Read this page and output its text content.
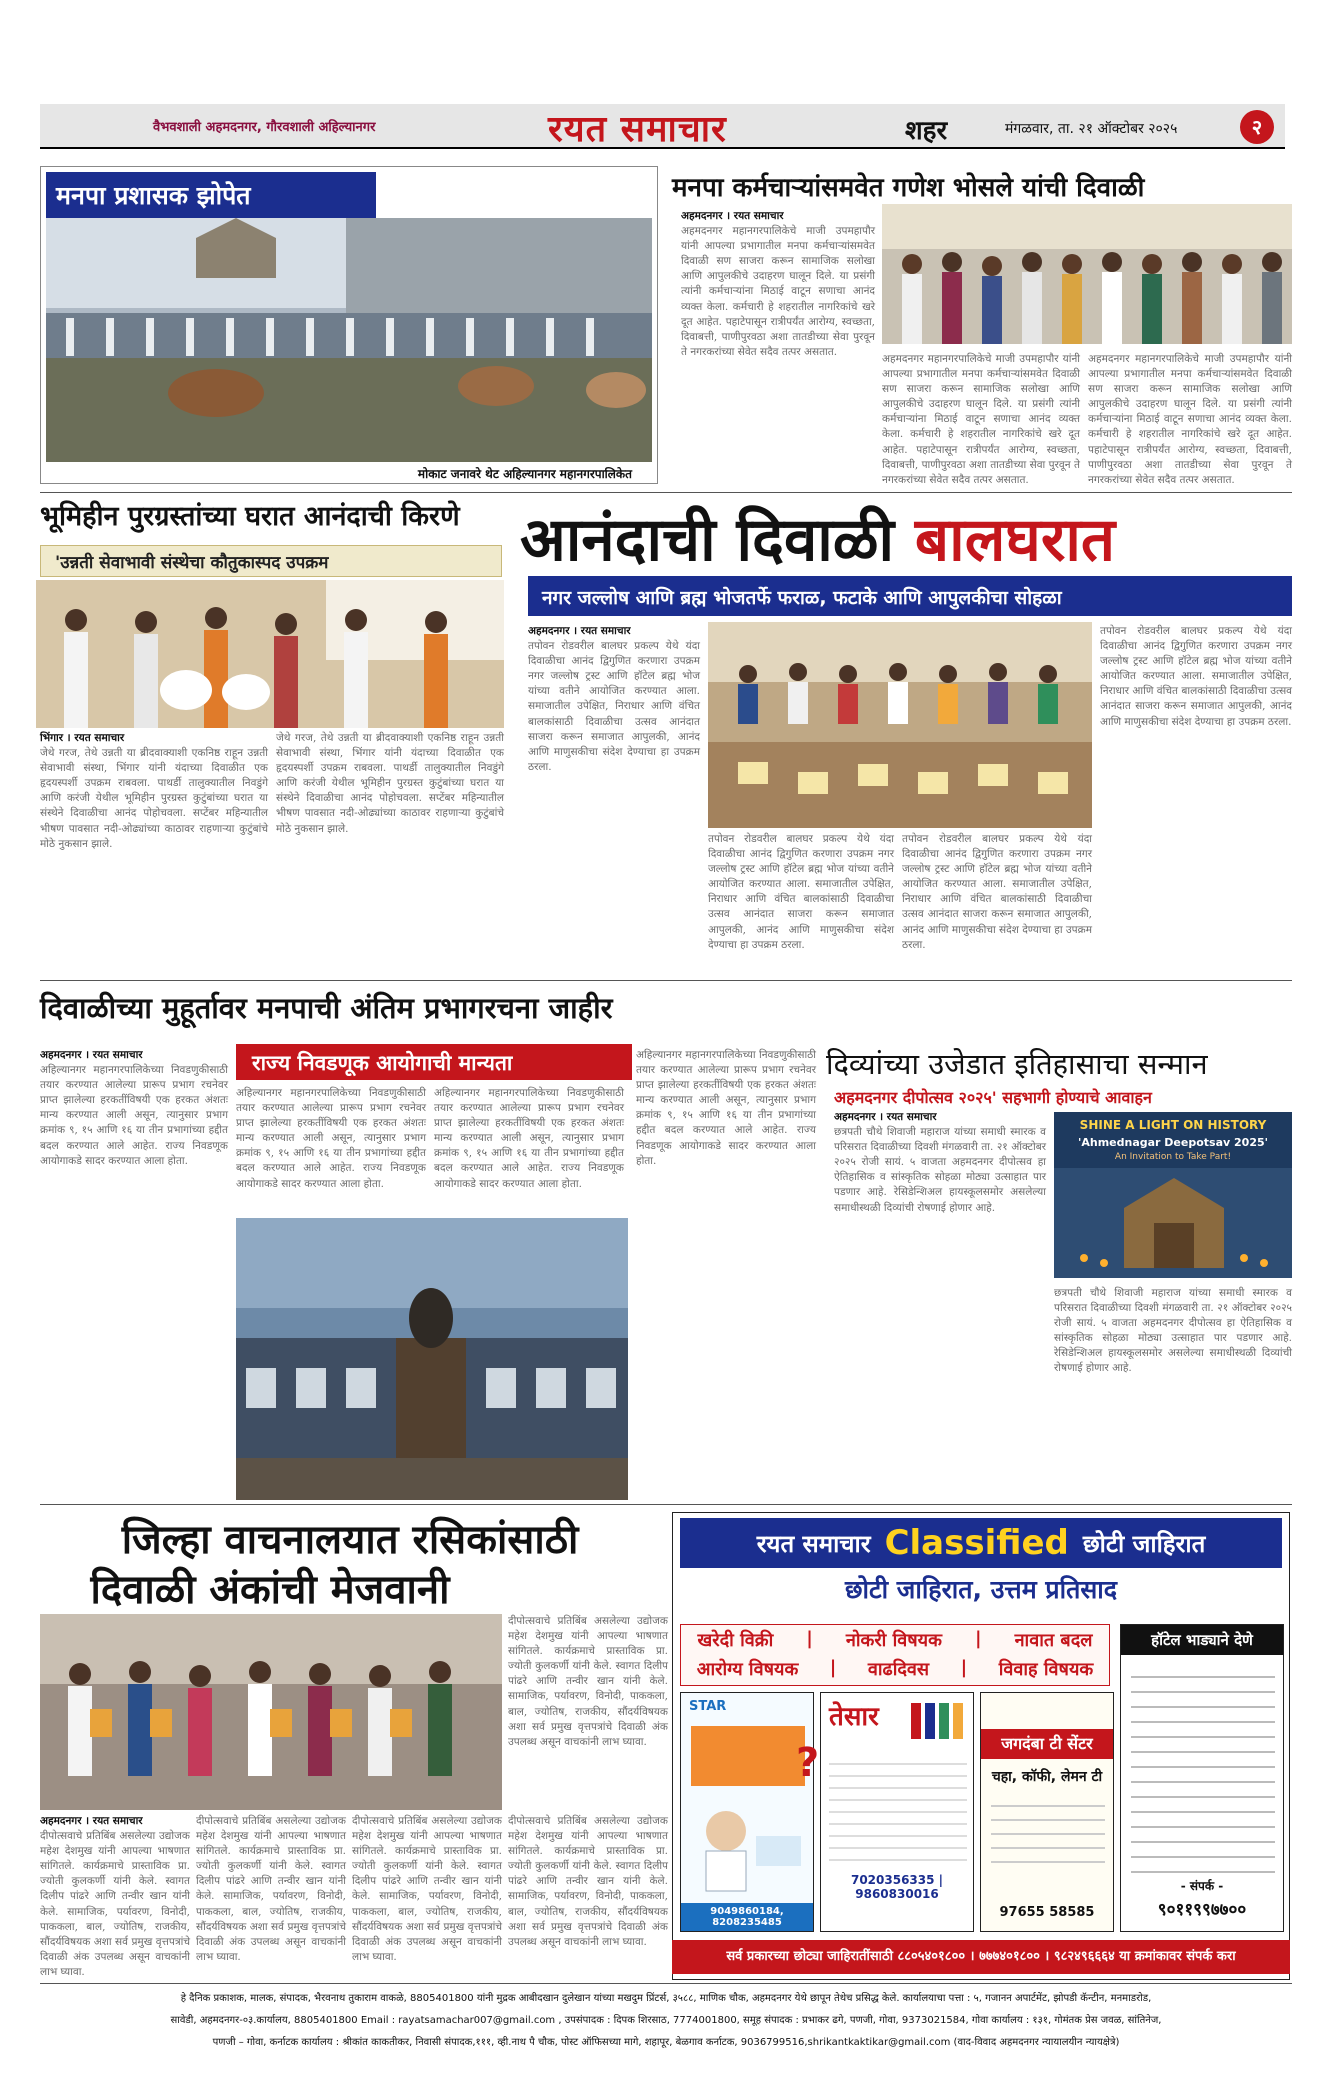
वैभवशाली अहमदनगर, गौरवशाली अहिल्यानगर	रयत समाचार	शहर	मंगळवार, ता. २१ ऑक्टोबर २०२५	२
मनपा प्रशासक झोपेत
मोकाट जनावरे थेट अहिल्यानगर महानगरपालिकेत
मनपा कर्मचाऱ्यांसमवेत गणेश भोसले यांची दिवाळी
अहमदनगर । रयत समाचार
अहमदनगर महानगरपालिकेचे माजी उपमहापौर यांनी आपल्या प्रभागातील मनपा कर्मचाऱ्यांसमवेत दिवाळी सण साजरा करून सामाजिक सलोखा आणि आपुलकीचे उदाहरण घालून दिले. या प्रसंगी त्यांनी कर्मचाऱ्यांना मिठाई वाटून सणाचा आनंद व्यक्त केला. कर्मचारी हे शहरातील नागरिकांचे खरे दूत आहेत. पहाटेपासून रात्रीपर्यंत आरोग्य, स्वच्छता, दिवाबत्ती, पाणीपुरवठा अशा तातडीच्या सेवा पुरवून ते नगरकरांच्या सेवेत सदैव तत्पर असतात.
अहमदनगर महानगरपालिकेचे माजी उपमहापौर यांनी आपल्या प्रभागातील मनपा कर्मचाऱ्यांसमवेत दिवाळी सण साजरा करून सामाजिक सलोखा आणि आपुलकीचे उदाहरण घालून दिले. या प्रसंगी त्यांनी कर्मचाऱ्यांना मिठाई वाटून सणाचा आनंद व्यक्त केला. कर्मचारी हे शहरातील नागरिकांचे खरे दूत आहेत. पहाटेपासून रात्रीपर्यंत आरोग्य, स्वच्छता, दिवाबत्ती, पाणीपुरवठा अशा तातडीच्या सेवा पुरवून ते नगरकरांच्या सेवेत सदैव तत्पर असतात.
अहमदनगर महानगरपालिकेचे माजी उपमहापौर यांनी आपल्या प्रभागातील मनपा कर्मचाऱ्यांसमवेत दिवाळी सण साजरा करून सामाजिक सलोखा आणि आपुलकीचे उदाहरण घालून दिले. या प्रसंगी त्यांनी कर्मचाऱ्यांना मिठाई वाटून सणाचा आनंद व्यक्त केला. कर्मचारी हे शहरातील नागरिकांचे खरे दूत आहेत. पहाटेपासून रात्रीपर्यंत आरोग्य, स्वच्छता, दिवाबत्ती, पाणीपुरवठा अशा तातडीच्या सेवा पुरवून ते नगरकरांच्या सेवेत सदैव तत्पर असतात.
भूमिहीन पुरग्रस्तांच्या घरात आनंदाची किरणे
'उन्नती सेवाभावी संस्थेचा कौतुकास्पद उपक्रम
भिंगार । रयत समाचार
जेथे गरज, तेथे उन्नती या ब्रीदवाक्याशी एकनिष्ठ राहून उन्नती सेवाभावी संस्था, भिंगार यांनी यंदाच्या दिवाळीत एक हृदयस्पर्शी उपक्रम राबवला. पाथर्डी तालुक्यातील निवडुंगे आणि करंजी येथील भूमिहीन पुरग्रस्त कुटुंबांच्या घरात या संस्थेने दिवाळीचा आनंद पोहोचवला. सप्टेंबर महिन्यातील भीषण पावसात नदी-ओढ्यांच्या काठावर राहणाऱ्या कुटुंबांचे मोठे नुकसान झाले.
जेथे गरज, तेथे उन्नती या ब्रीदवाक्याशी एकनिष्ठ राहून उन्नती सेवाभावी संस्था, भिंगार यांनी यंदाच्या दिवाळीत एक हृदयस्पर्शी उपक्रम राबवला. पाथर्डी तालुक्यातील निवडुंगे आणि करंजी येथील भूमिहीन पुरग्रस्त कुटुंबांच्या घरात या संस्थेने दिवाळीचा आनंद पोहोचवला. सप्टेंबर महिन्यातील भीषण पावसात नदी-ओढ्यांच्या काठावर राहणाऱ्या कुटुंबांचे मोठे नुकसान झाले.
आनंदाची दिवाळी बालघरात
नगर जल्लोष आणि ब्रह्म भोजतर्फे फराळ, फटाके आणि आपुलकीचा सोहळा
अहमदनगर । रयत समाचार
तपोवन रोडवरील बालघर प्रकल्प येथे यंदा दिवाळीचा आनंद द्विगुणित करणारा उपक्रम नगर जल्लोष ट्रस्ट आणि हॉटेल ब्रह्म भोज यांच्या वतीने आयोजित करण्यात आला. समाजातील उपेक्षित, निराधार आणि वंचित बालकांसाठी दिवाळीचा उत्सव आनंदात साजरा करून समाजात आपुलकी, आनंद आणि माणुसकीचा संदेश देण्याचा हा उपक्रम ठरला.
तपोवन रोडवरील बालघर प्रकल्प येथे यंदा दिवाळीचा आनंद द्विगुणित करणारा उपक्रम नगर जल्लोष ट्रस्ट आणि हॉटेल ब्रह्म भोज यांच्या वतीने आयोजित करण्यात आला. समाजातील उपेक्षित, निराधार आणि वंचित बालकांसाठी दिवाळीचा उत्सव आनंदात साजरा करून समाजात आपुलकी, आनंद आणि माणुसकीचा संदेश देण्याचा हा उपक्रम ठरला.
तपोवन रोडवरील बालघर प्रकल्प येथे यंदा दिवाळीचा आनंद द्विगुणित करणारा उपक्रम नगर जल्लोष ट्रस्ट आणि हॉटेल ब्रह्म भोज यांच्या वतीने आयोजित करण्यात आला. समाजातील उपेक्षित, निराधार आणि वंचित बालकांसाठी दिवाळीचा उत्सव आनंदात साजरा करून समाजात आपुलकी, आनंद आणि माणुसकीचा संदेश देण्याचा हा उपक्रम ठरला.
तपोवन रोडवरील बालघर प्रकल्प येथे यंदा दिवाळीचा आनंद द्विगुणित करणारा उपक्रम नगर जल्लोष ट्रस्ट आणि हॉटेल ब्रह्म भोज यांच्या वतीने आयोजित करण्यात आला. समाजातील उपेक्षित, निराधार आणि वंचित बालकांसाठी दिवाळीचा उत्सव आनंदात साजरा करून समाजात आपुलकी, आनंद आणि माणुसकीचा संदेश देण्याचा हा उपक्रम ठरला.
दिवाळीच्या मुहूर्तावर मनपाची अंतिम प्रभागरचना जाहीर
अहमदनगर । रयत समाचार
अहिल्यानगर महानगरपालिकेच्या निवडणुकीसाठी तयार करण्यात आलेल्या प्रारूप प्रभाग रचनेवर प्राप्त झालेल्या हरकतींविषयी एक हरकत अंशतः मान्य करण्यात आली असून, त्यानुसार प्रभाग क्रमांक ९, १५ आणि १६ या तीन प्रभागांच्या हद्दीत बदल करण्यात आले आहेत. राज्य निवडणूक आयोगाकडे सादर करण्यात आला होता.
राज्य निवडणूक आयोगाची मान्यता
अहिल्यानगर महानगरपालिकेच्या निवडणुकीसाठी तयार करण्यात आलेल्या प्रारूप प्रभाग रचनेवर प्राप्त झालेल्या हरकतींविषयी एक हरकत अंशतः मान्य करण्यात आली असून, त्यानुसार प्रभाग क्रमांक ९, १५ आणि १६ या तीन प्रभागांच्या हद्दीत बदल करण्यात आले आहेत. राज्य निवडणूक आयोगाकडे सादर करण्यात आला होता.
अहिल्यानगर महानगरपालिकेच्या निवडणुकीसाठी तयार करण्यात आलेल्या प्रारूप प्रभाग रचनेवर प्राप्त झालेल्या हरकतींविषयी एक हरकत अंशतः मान्य करण्यात आली असून, त्यानुसार प्रभाग क्रमांक ९, १५ आणि १६ या तीन प्रभागांच्या हद्दीत बदल करण्यात आले आहेत. राज्य निवडणूक आयोगाकडे सादर करण्यात आला होता.
अहिल्यानगर महानगरपालिकेच्या निवडणुकीसाठी तयार करण्यात आलेल्या प्रारूप प्रभाग रचनेवर प्राप्त झालेल्या हरकतींविषयी एक हरकत अंशतः मान्य करण्यात आली असून, त्यानुसार प्रभाग क्रमांक ९, १५ आणि १६ या तीन प्रभागांच्या हद्दीत बदल करण्यात आले आहेत. राज्य निवडणूक आयोगाकडे सादर करण्यात आला होता.
दिव्यांच्या उजेडात इतिहासाचा सन्मान
अहमदनगर दीपोत्सव २०२५' सहभागी होण्याचे आवाहन
अहमदनगर । रयत समाचार
छत्रपती चौथे शिवाजी महाराज यांच्या समाधी स्मारक व परिसरात दिवाळीच्या दिवशी मंगळवारी ता. २१ ऑक्टोबर २०२५ रोजी सायं. ५ वाजता अहमदनगर दीपोत्सव हा ऐतिहासिक व सांस्कृतिक सोहळा मोठ्या उत्साहात पार पडणार आहे. रेसिडेन्शिअल हायस्कूलसमोर असलेल्या समाधीस्थळी दिव्यांची रोषणाई होणार आहे.
SHINE A LIGHT ON HISTORY
'Ahmednagar Deepotsav 2025'
An Invitation to Take Part!
छत्रपती चौथे शिवाजी महाराज यांच्या समाधी स्मारक व परिसरात दिवाळीच्या दिवशी मंगळवारी ता. २१ ऑक्टोबर २०२५ रोजी सायं. ५ वाजता अहमदनगर दीपोत्सव हा ऐतिहासिक व सांस्कृतिक सोहळा मोठ्या उत्साहात पार पडणार आहे. रेसिडेन्शिअल हायस्कूलसमोर असलेल्या समाधीस्थळी दिव्यांची रोषणाई होणार आहे.
जिल्हा वाचनालयात रसिकांसाठी
दिवाळी अंकांची मेजवानी
दीपोत्सवाचे प्रतिबिंब असलेल्या उद्योजक महेश देशमुख यांनी आपल्या भाषणात सांगितले. कार्यक्रमाचे प्रास्ताविक प्रा. ज्योती कुलकर्णी यांनी केले. स्वागत दिलीप पांढरे आणि तन्वीर खान यांनी केले. सामाजिक, पर्यावरण, विनोदी, पाककला, बाल, ज्योतिष, राजकीय, सौंदर्यविषयक अशा सर्व प्रमुख वृत्तपत्रांचे दिवाळी अंक उपलब्ध असून वाचकांनी लाभ घ्यावा.
अहमदनगर । रयत समाचार
दीपोत्सवाचे प्रतिबिंब असलेल्या उद्योजक महेश देशमुख यांनी आपल्या भाषणात सांगितले. कार्यक्रमाचे प्रास्ताविक प्रा. ज्योती कुलकर्णी यांनी केले. स्वागत दिलीप पांढरे आणि तन्वीर खान यांनी केले. सामाजिक, पर्यावरण, विनोदी, पाककला, बाल, ज्योतिष, राजकीय, सौंदर्यविषयक अशा सर्व प्रमुख वृत्तपत्रांचे दिवाळी अंक उपलब्ध असून वाचकांनी लाभ घ्यावा.
दीपोत्सवाचे प्रतिबिंब असलेल्या उद्योजक महेश देशमुख यांनी आपल्या भाषणात सांगितले. कार्यक्रमाचे प्रास्ताविक प्रा. ज्योती कुलकर्णी यांनी केले. स्वागत दिलीप पांढरे आणि तन्वीर खान यांनी केले. सामाजिक, पर्यावरण, विनोदी, पाककला, बाल, ज्योतिष, राजकीय, सौंदर्यविषयक अशा सर्व प्रमुख वृत्तपत्रांचे दिवाळी अंक उपलब्ध असून वाचकांनी लाभ घ्यावा.
दीपोत्सवाचे प्रतिबिंब असलेल्या उद्योजक महेश देशमुख यांनी आपल्या भाषणात सांगितले. कार्यक्रमाचे प्रास्ताविक प्रा. ज्योती कुलकर्णी यांनी केले. स्वागत दिलीप पांढरे आणि तन्वीर खान यांनी केले. सामाजिक, पर्यावरण, विनोदी, पाककला, बाल, ज्योतिष, राजकीय, सौंदर्यविषयक अशा सर्व प्रमुख वृत्तपत्रांचे दिवाळी अंक उपलब्ध असून वाचकांनी लाभ घ्यावा.
दीपोत्सवाचे प्रतिबिंब असलेल्या उद्योजक महेश देशमुख यांनी आपल्या भाषणात सांगितले. कार्यक्रमाचे प्रास्ताविक प्रा. ज्योती कुलकर्णी यांनी केले. स्वागत दिलीप पांढरे आणि तन्वीर खान यांनी केले. सामाजिक, पर्यावरण, विनोदी, पाककला, बाल, ज्योतिष, राजकीय, सौंदर्यविषयक अशा सर्व प्रमुख वृत्तपत्रांचे दिवाळी अंक उपलब्ध असून वाचकांनी लाभ घ्यावा.
रयत समाचार Classified छोटी जाहिरात
छोटी जाहिरात, उत्तम प्रतिसाद
खरेदी विक्री | नोकरी विषयक | नावात बदल
आरोग्य विषयक | वाढदिवस | विवाह विषयक
STAR
?
9049860184, 8208235485
तेसार
7020356335 | 9860830016
जगदंबा टी सेंटर
चहा, कॉफी, लेमन टी
97655 58585
हॉटेल भाड्याने देणे
- संपर्क -
९०११९९७७००
सर्व प्रकारच्या छोट्या जाहिरातींसाठी ८८०५४०१८०० । ७७७४०१८०० । ९८२४९६६६४ या क्रमांकावर संपर्क करा
हे दैनिक प्रकाशक, मालक, संपादक, भैरवनाथ तुकाराम वाकळे, 8805401800 यांनी मुद्रक आबीदखान दुलेखान यांच्या मखदुम प्रिंटर्स, ३५८८, माणिक चौक, अहमदनगर येथे छापून तेथेच प्रसिद्ध केले. कार्यालयाचा पत्ता : ५, गजानन अपार्टमेंट, झोपडी कॅन्टीन, मनमाडरोड,
सावेडी, अहमदनगर-०३.कार्यालय, 8805401800 Email : rayatsamachar007@gmail.com , उपसंपादक : दिपक शिरसाठ, 7774001800, समूह संपादक : प्रभाकर ढगे, पणजी, गोवा, 9373021584, गोवा कार्यालय : १३१, गोमंतक प्रेस जवळ, सांतिनेज,
पणजी – गोवा, कर्नाटक कार्यालय : श्रीकांत काकतीकर, निवासी संपादक,१११, व्ही.नाथ पै चौक, पोस्ट ऑफिसच्या मागे, शहापूर, बेळगाव कर्नाटक, 9036799516,shrikantkaktikar@gmail.com (वाद-विवाद अहमदनगर न्यायालयीन न्यायक्षेत्रे)
